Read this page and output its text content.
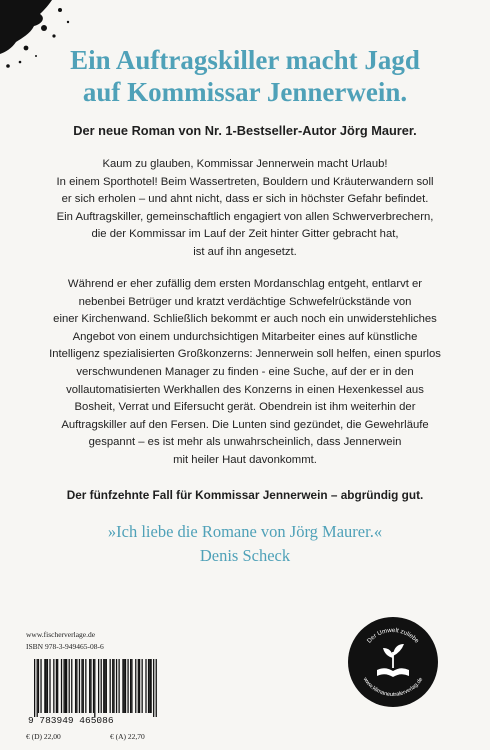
Ein Auftragskiller macht Jagd
auf Kommissar Jennerwein.
Der neue Roman von Nr. 1-Bestseller-Autor Jörg Maurer.

Kaum zu glauben, Kommissar Jennerwein macht Urlaub!
In einem Sporthotel! Beim Wassertreten, Bouldern und Kräuterwandern soll
er sich erholen – und ahnt nicht, dass er sich in höchster Gefahr befindet.
Ein Auftragskiller, gemeinschaftlich engagiert von allen Schwerverbrechern,
die der Kommissar im Lauf der Zeit hinter Gitter gebracht hat,
ist auf ihn angesetzt.

Während er eher zufällig dem ersten Mordanschlag entgeht, entlarvt er
nebenbei Betrüger und kratzt verdächtige Schwefelrückstände von
einer Kirchenwand. Schließlich bekommt er auch noch ein unwiderstehliches
Angebot von einem undurchsichtigen Mitarbeiter eines auf künstliche
Intelligenz spezialisierten Großkonzerns: Jennerwein soll helfen, einen spurlos
verschwundenen Manager zu finden - eine Suche, auf der er in den
vollautomatisierten Werkhallen des Konzerns in einen Hexenkessel aus
Bosheit, Verrat und Eifersucht gerät. Obendrein ist ihm weiterhin der
Auftragskiller auf den Fersen. Die Lunten sind gezündet, die Gewehrläufe
gespannt – es ist mehr als unwahrscheinlich, dass Jennerwein
mit heiler Haut davonkommt.

Der fünfzehnte Fall für Kommissar Jennerwein – abgründig gut.
»Ich liebe die Romane von Jörg Maurer.«
Denis Scheck
www.fischerverlage.de
ISBN 978-3-949465-08-6
9 783949 465086
€ (D) 22,00	€ (A) 22,70
Der Umwelt zuliebe
www.klimaneutralerverlag.de
